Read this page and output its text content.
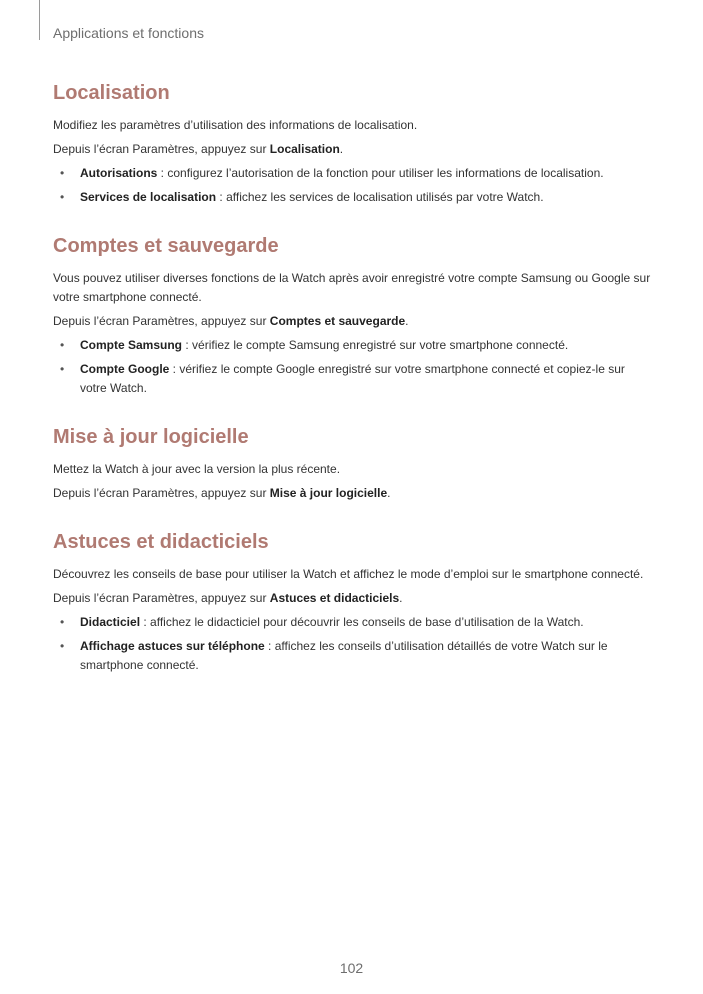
Applications et fonctions
Localisation

Modifiez les paramètres d’utilisation des informations de localisation.

Depuis l’écran Paramètres, appuyez sur Localisation.

• Autorisations : configurez l’autorisation de la fonction pour utiliser les informations de localisation.
• Services de localisation : affichez les services de localisation utilisés par votre Watch.
Comptes et sauvegarde

Vous pouvez utiliser diverses fonctions de la Watch après avoir enregistré votre compte Samsung ou Google sur votre smartphone connecté.

Depuis l’écran Paramètres, appuyez sur Comptes et sauvegarde.

• Compte Samsung : vérifiez le compte Samsung enregistré sur votre smartphone connecté.
• Compte Google : vérifiez le compte Google enregistré sur votre smartphone connecté et copiez-le sur votre Watch.
Mise à jour logicielle

Mettez la Watch à jour avec la version la plus récente.

Depuis l’écran Paramètres, appuyez sur Mise à jour logicielle.

Astuces et didacticiels

Découvrez les conseils de base pour utiliser la Watch et affichez le mode d’emploi sur le smartphone connecté.

Depuis l’écran Paramètres, appuyez sur Astuces et didacticiels.

• Didacticiel : affichez le didacticiel pour découvrir les conseils de base d’utilisation de la Watch.
• Affichage astuces sur téléphone : affichez les conseils d’utilisation détaillés de votre Watch sur le smartphone connecté.
102
